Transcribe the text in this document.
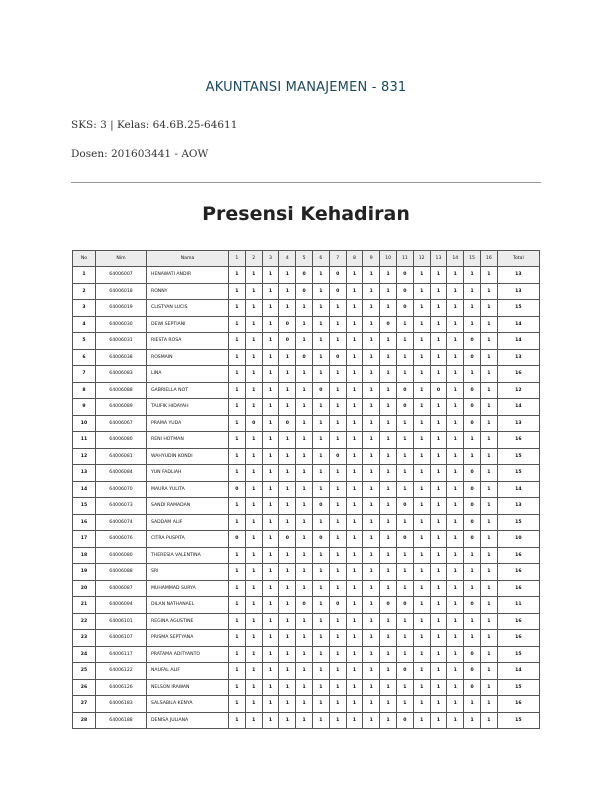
AKUNTANSI MANAJEMEN - 831
SKS: 3 | Kelas: 64.6B.25-64611
Dosen: 201603441 - AOW
Presensi Kehadiran
No	Nim	Nama	1	2	3	4	5	6	7	8	9	10	11	12	13	14	15	16	Total
1	64006007	HENAWATI ANDIR	1	1	1	1	0	1	0	1	1	1	0	1	1	1	1	1	13
2	64006018	RONNY	1	1	1	1	0	1	0	1	1	1	0	1	1	1	1	1	13
3	64006019	CLISTYAN LUCIS	1	1	1	1	1	1	1	1	1	1	0	1	1	1	1	1	15
4	64006030	DEWI SEPTIANI	1	1	1	0	1	1	1	1	1	0	1	1	1	1	1	1	14
5	64006031	RIESTA ROSA	1	1	1	0	1	1	1	1	1	1	1	1	1	1	0	1	14
6	64006038	ROSMAIN	1	1	1	1	0	1	0	1	1	1	1	1	1	1	0	1	13
7	64006083	LINA	1	1	1	1	1	1	1	1	1	1	1	1	1	1	1	1	16
8	64006088	GABRIELLA NOT	1	1	1	1	1	0	1	1	1	1	0	1	0	1	0	1	12
9	64006089	TAUFIK HIDAYAH	1	1	1	1	1	1	1	1	1	1	0	1	1	1	0	1	14
10	64006067	PRAMA YUDA	1	0	1	0	1	1	1	1	1	1	1	1	1	1	0	1	13
11	64006080	RENI HOTMAN	1	1	1	1	1	1	1	1	1	1	1	1	1	1	1	1	16
12	64006081	WAHYUDIN KONDI	1	1	1	1	1	1	0	1	1	1	1	1	1	1	1	1	15
13	64006084	YUN FADLIAH	1	1	1	1	1	1	1	1	1	1	1	1	1	1	0	1	15
14	64006070	MAURA YULITA	0	1	1	1	1	1	1	1	1	1	1	1	1	1	0	1	14
15	64006073	SANDI RAMADAN	1	1	1	1	1	0	1	1	1	1	0	1	1	1	0	1	13
16	64006074	SADDAM ALIF	1	1	1	1	1	1	1	1	1	1	1	1	1	1	0	1	15
17	64006076	CITRA PUSPITA	0	1	1	0	1	0	1	1	1	1	0	1	1	1	0	1	10
18	64006080	THERESIA VALENTINA	1	1	1	1	1	1	1	1	1	1	1	1	1	1	1	1	16
19	64006088	SRI	1	1	1	1	1	1	1	1	1	1	1	1	1	1	1	1	16
20	64006087	MUHAMMAD SURYA	1	1	1	1	1	1	1	1	1	1	1	1	1	1	1	1	16
21	64006094	DILAN NATHANAEL	1	1	1	1	0	1	0	1	1	0	0	1	1	1	0	1	11
22	64006101	REGINA AGUSTINE	1	1	1	1	1	1	1	1	1	1	1	1	1	1	1	1	16
23	64006107	PRISMA SEPTYANA	1	1	1	1	1	1	1	1	1	1	1	1	1	1	1	1	16
24	64006117	PRATAMA ADITYANTO	1	1	1	1	1	1	1	1	1	1	1	1	1	1	0	1	15
25	64006122	NAUFAL ALIF	1	1	1	1	1	1	1	1	1	1	0	1	1	1	0	1	14
26	64006126	NELSON IRAWAN	1	1	1	1	1	1	1	1	1	1	1	1	1	1	0	1	15
27	64006183	SALSABILA KENYA	1	1	1	1	1	1	1	1	1	1	1	1	1	1	1	1	16
28	64006188	DENISA JULIANA	1	1	1	1	1	1	1	1	1	1	0	1	1	1	1	1	15
